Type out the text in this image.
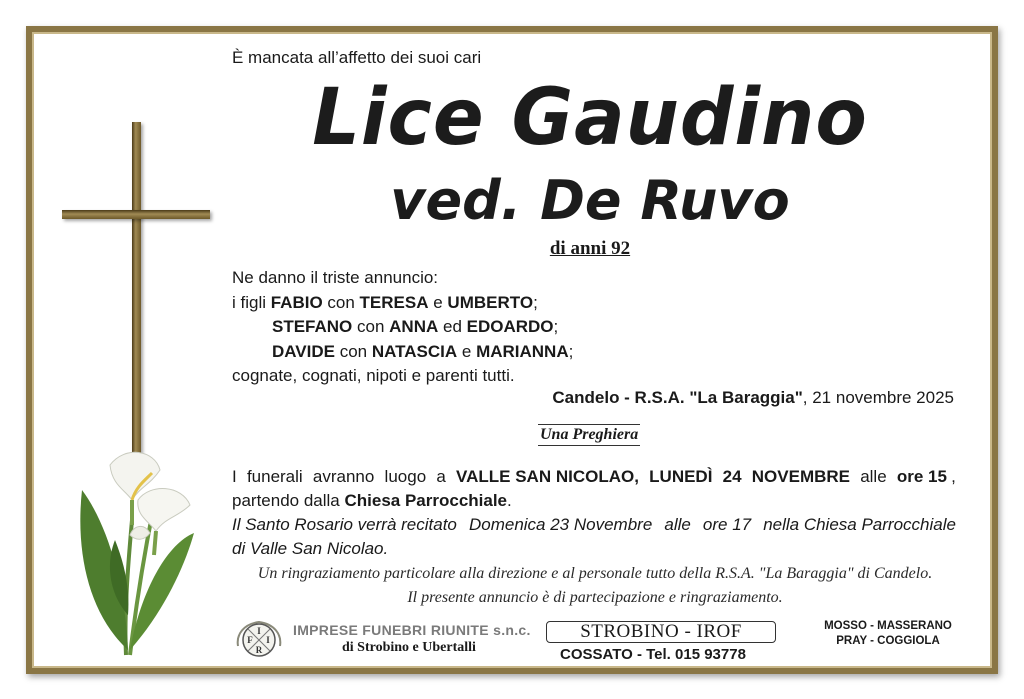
È mancata all’affetto dei suoi cari
Lice Gaudino
ved. De Ruvo
di anni 92
Ne danno il triste annuncio:
i figli FABIO con TERESA e UMBERTO;
STEFANO con ANNA ed EDOARDO;
DAVIDE con NATASCIA e MARIANNA;
cognate, cognati, nipoti e parenti tutti.
Candelo - R.S.A. "La Baraggia", 21 novembre 2025
Una Preghiera
I funerali avranno luogo a VALLE SAN NICOLAO, LUNEDÌ 24 NOVEMBRE alle ore 15 ,
partendo dalla Chiesa Parrocchiale.
Il Santo Rosario verrà recitato Domenica 23 Novembre alle ore 17 nella Chiesa Parrocchiale
di Valle San Nicolao.
Un ringraziamento particolare alla direzione e al personale tutto della R.S.A. "La Baraggia" di Candelo.
Il presente annuncio è di partecipazione e ringraziamento.
I
F I
R
IMPRESE FUNEBRI RIUNITE s.n.c.
di Strobino e Ubertalli
STROBINO - IROF
COSSATO - Tel. 015 93778
MOSSO - MASSERANO
PRAY - COGGIOLA
